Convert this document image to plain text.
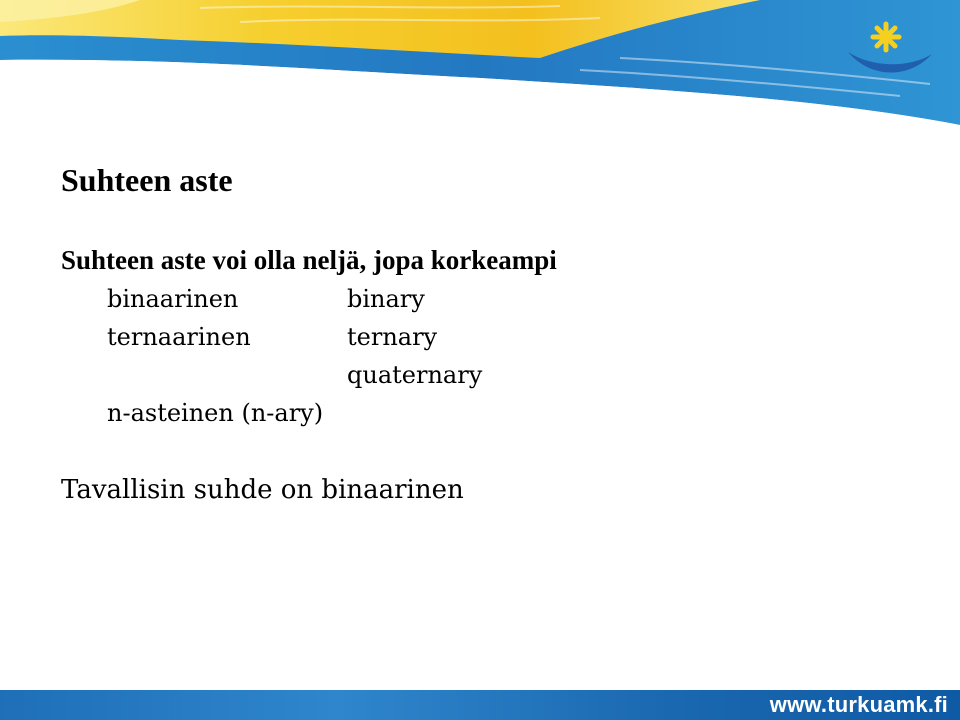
Suhteen aste
Suhteen aste voi olla neljä, jopa korkeampi
binaarinen	binary
ternaarinen	ternary
quaternary
n-asteinen (n-ary)
Tavallisin suhde on binaarinen
www.turkuamk.fi
